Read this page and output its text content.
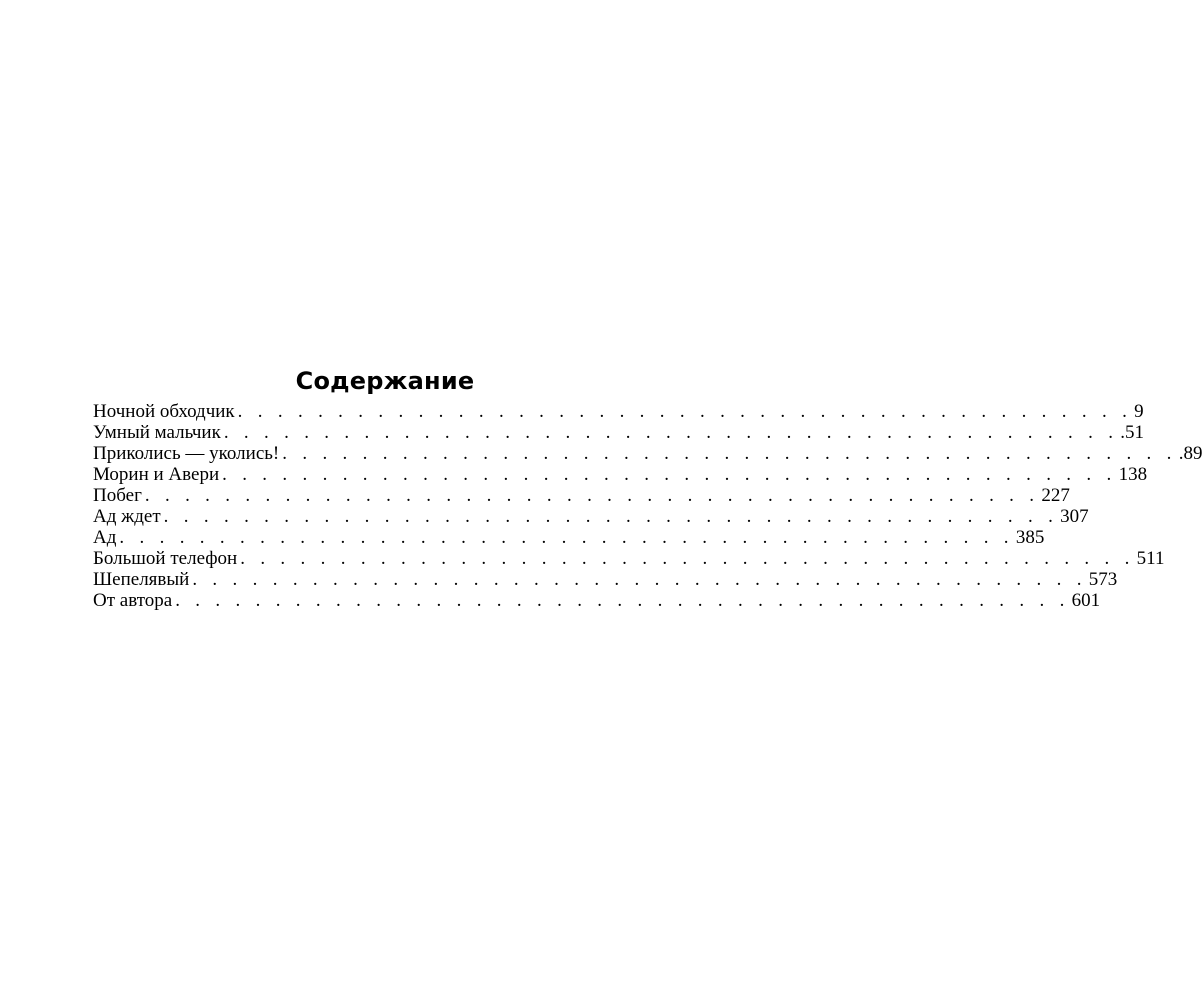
Содержание
Ночной обходчик . . . . . . . . . . . . . . . . . . . . . . . . . . . . . . . . . . . . . . . . . . . . . 9
Умный мальчик . . . . . . . . . . . . . . . . . . . . . . . . . . . . . . . . . . . . . . . . . . . . . .51
Приколись — уколись! . . . . . . . . . . . . . . . . . . . . . . . . . . . . . . . . . . . . . . . . . . . . . .89
Морин и Авери . . . . . . . . . . . . . . . . . . . . . . . . . . . . . . . . . . . . . . . . . . . . . 138
Побег . . . . . . . . . . . . . . . . . . . . . . . . . . . . . . . . . . . . . . . . . . . . . 227
Ад ждет . . . . . . . . . . . . . . . . . . . . . . . . . . . . . . . . . . . . . . . . . . . . . 307
Ад . . . . . . . . . . . . . . . . . . . . . . . . . . . . . . . . . . . . . . . . . . . . . 385
Большой телефон . . . . . . . . . . . . . . . . . . . . . . . . . . . . . . . . . . . . . . . . . . . . . 511
Шепелявый . . . . . . . . . . . . . . . . . . . . . . . . . . . . . . . . . . . . . . . . . . . . . 573
От автора . . . . . . . . . . . . . . . . . . . . . . . . . . . . . . . . . . . . . . . . . . . . . 601
